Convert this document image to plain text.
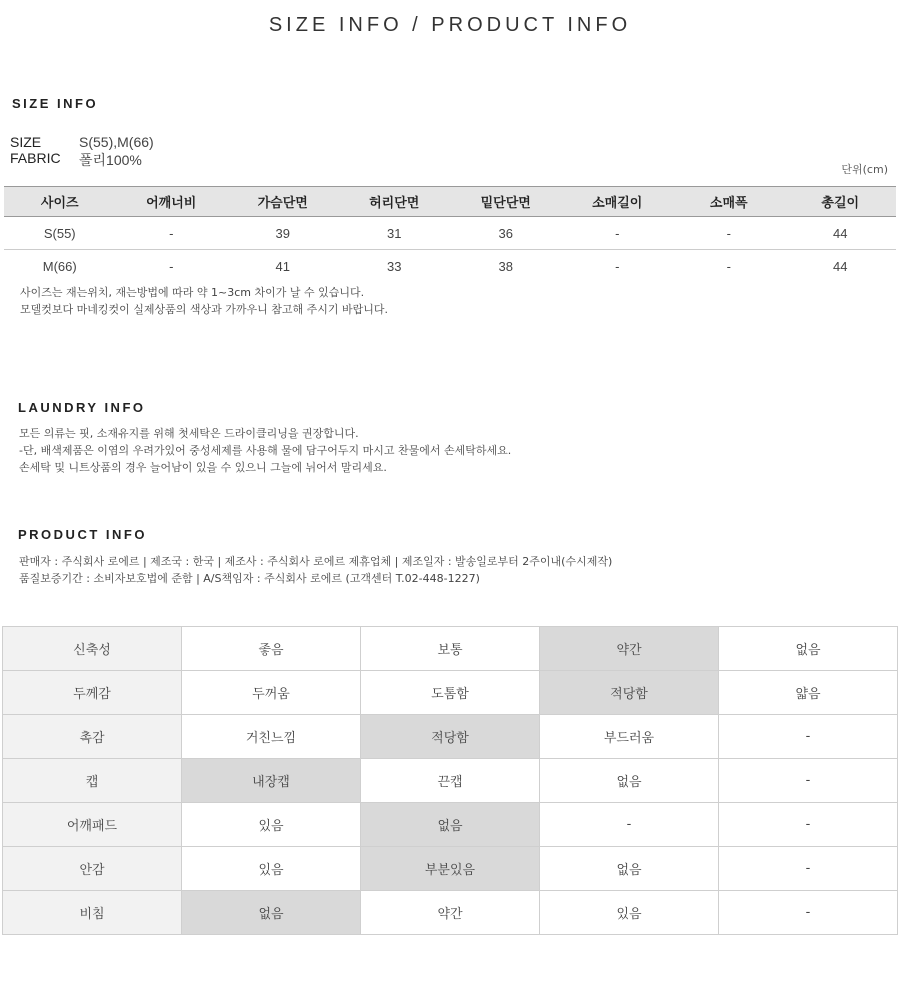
SIZE INFO / PRODUCT INFO
SIZE INFO
SIZE	S(55),M(66)
FABRIC 폴리100%
단위(cm)
사이즈	어깨너비	가슴단면	허리단면	밑단단면	소매길이	소매폭	총길이
S(55)	-	39	31	36	-	-	44
M(66)	-	41	33	38	-	-	44
사이즈는 재는위치, 재는방법에 따라 약 1~3cm 차이가 날 수 있습니다.
모델컷보다 마네킹컷이 실제상품의 색상과 가까우니 참고해 주시기 바랍니다.
LAUNDRY INFO
모든 의류는 핏, 소재유지를 위해 첫세탁은 드라이클리닝을 권장합니다.
-단, 배색제품은 이염의 우려가있어 중성세제를 사용해 물에 담구어두지 마시고 찬물에서 손세탁하세요.
손세탁 및 니트상품의 경우 늘어남이 있을 수 있으니 그늘에 뉘어서 말리세요.
PRODUCT INFO
판매자 : 주식회사 로에르 | 제조국 : 한국 | 제조사 : 주식회사 로에르 제휴업체 | 제조일자 : 발송일로부터 2주이내(수시제작)
품질보증기간 : 소비자보호법에 준함 | A/S책임자 : 주식회사 로에르 (고객센터 T.02-448-1227)
신축성	좋음	보통	약간	없음
두께감	두꺼움	도톰함	적당함	얇음
촉감	거친느낌	적당함	부드러움	-
캡	내장캡	끈캡	없음	-
어깨패드	있음	없음	-	-
안감	있음	부분있음	없음	-
비침	없음	약간	있음	-
